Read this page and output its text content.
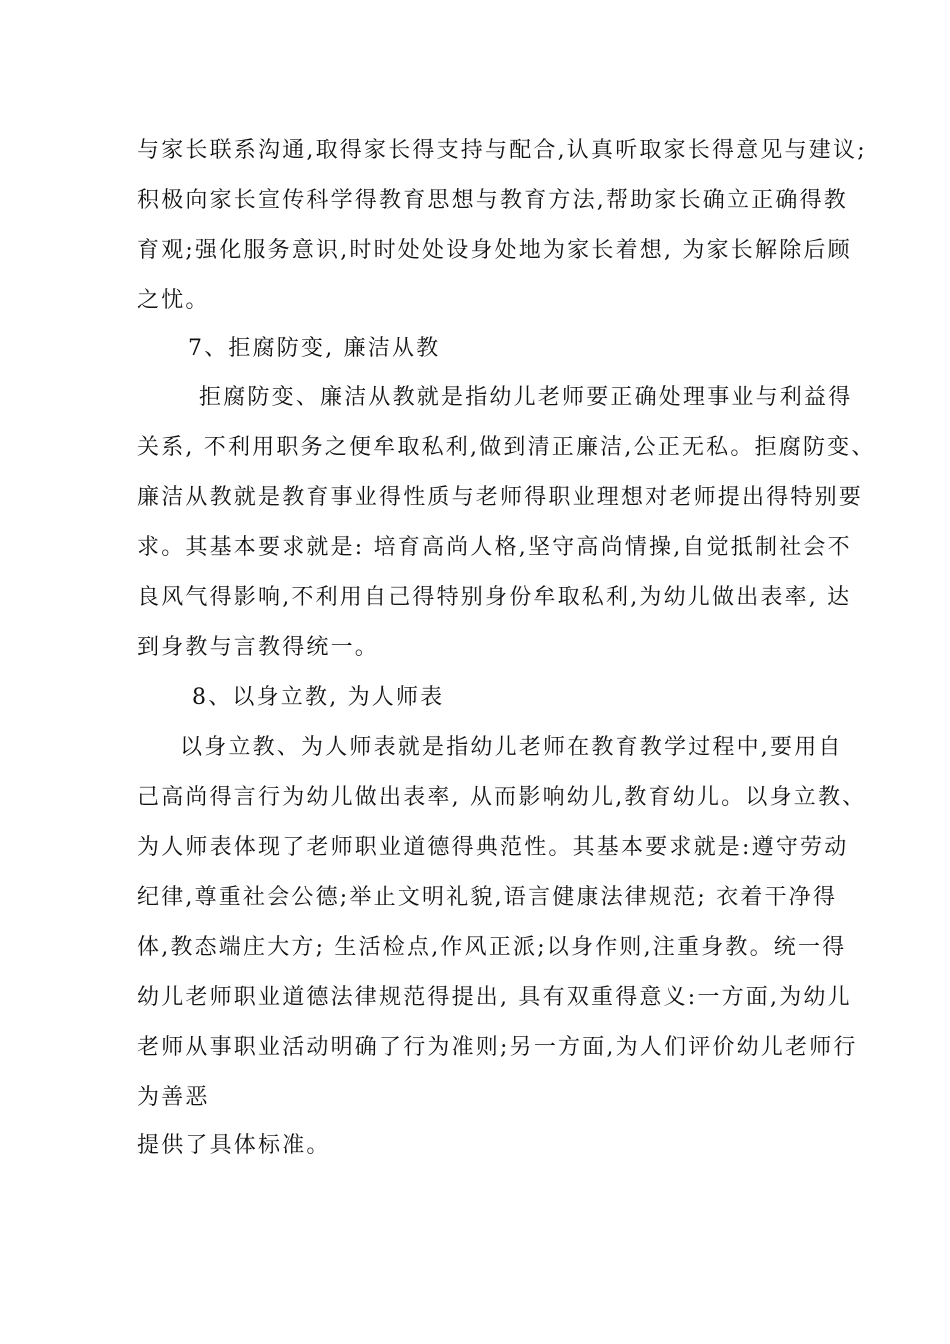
与家长联系沟通,取得家长得支持与配合,认真听取家长得意见与建议;
积极向家长宣传科学得教育思想与教育方法,帮助家长确立正确得教
育观;强化服务意识,时时处处设身处地为家长着想, 为家长解除后顾
之忧。
7、拒腐防变, 廉洁从教
拒腐防变、廉洁从教就是指幼儿老师要正确处理事业与利益得
关系, 不利用职务之便牟取私利,做到清正廉洁,公正无私。拒腐防变、
廉洁从教就是教育事业得性质与老师得职业理想对老师提出得特别要
求。其基本要求就是: 培育高尚人格,坚守高尚情操,自觉抵制社会不
良风气得影响,不利用自己得特别身份牟取私利,为幼儿做出表率, 达
到身教与言教得统一。
8、以身立教, 为人师表
以身立教、为人师表就是指幼儿老师在教育教学过程中,要用自
己高尚得言行为幼儿做出表率, 从而影响幼儿,教育幼儿。以身立教、
为人师表体现了老师职业道德得典范性。其基本要求就是:遵守劳动
纪律,尊重社会公德;举止文明礼貌,语言健康法律规范; 衣着干净得
体,教态端庄大方; 生活检点,作风正派;以身作则,注重身教。统一得
幼儿老师职业道德法律规范得提出, 具有双重得意义:一方面,为幼儿
老师从事职业活动明确了行为准则;另一方面,为人们评价幼儿老师行
为善恶
提供了具体标准。
